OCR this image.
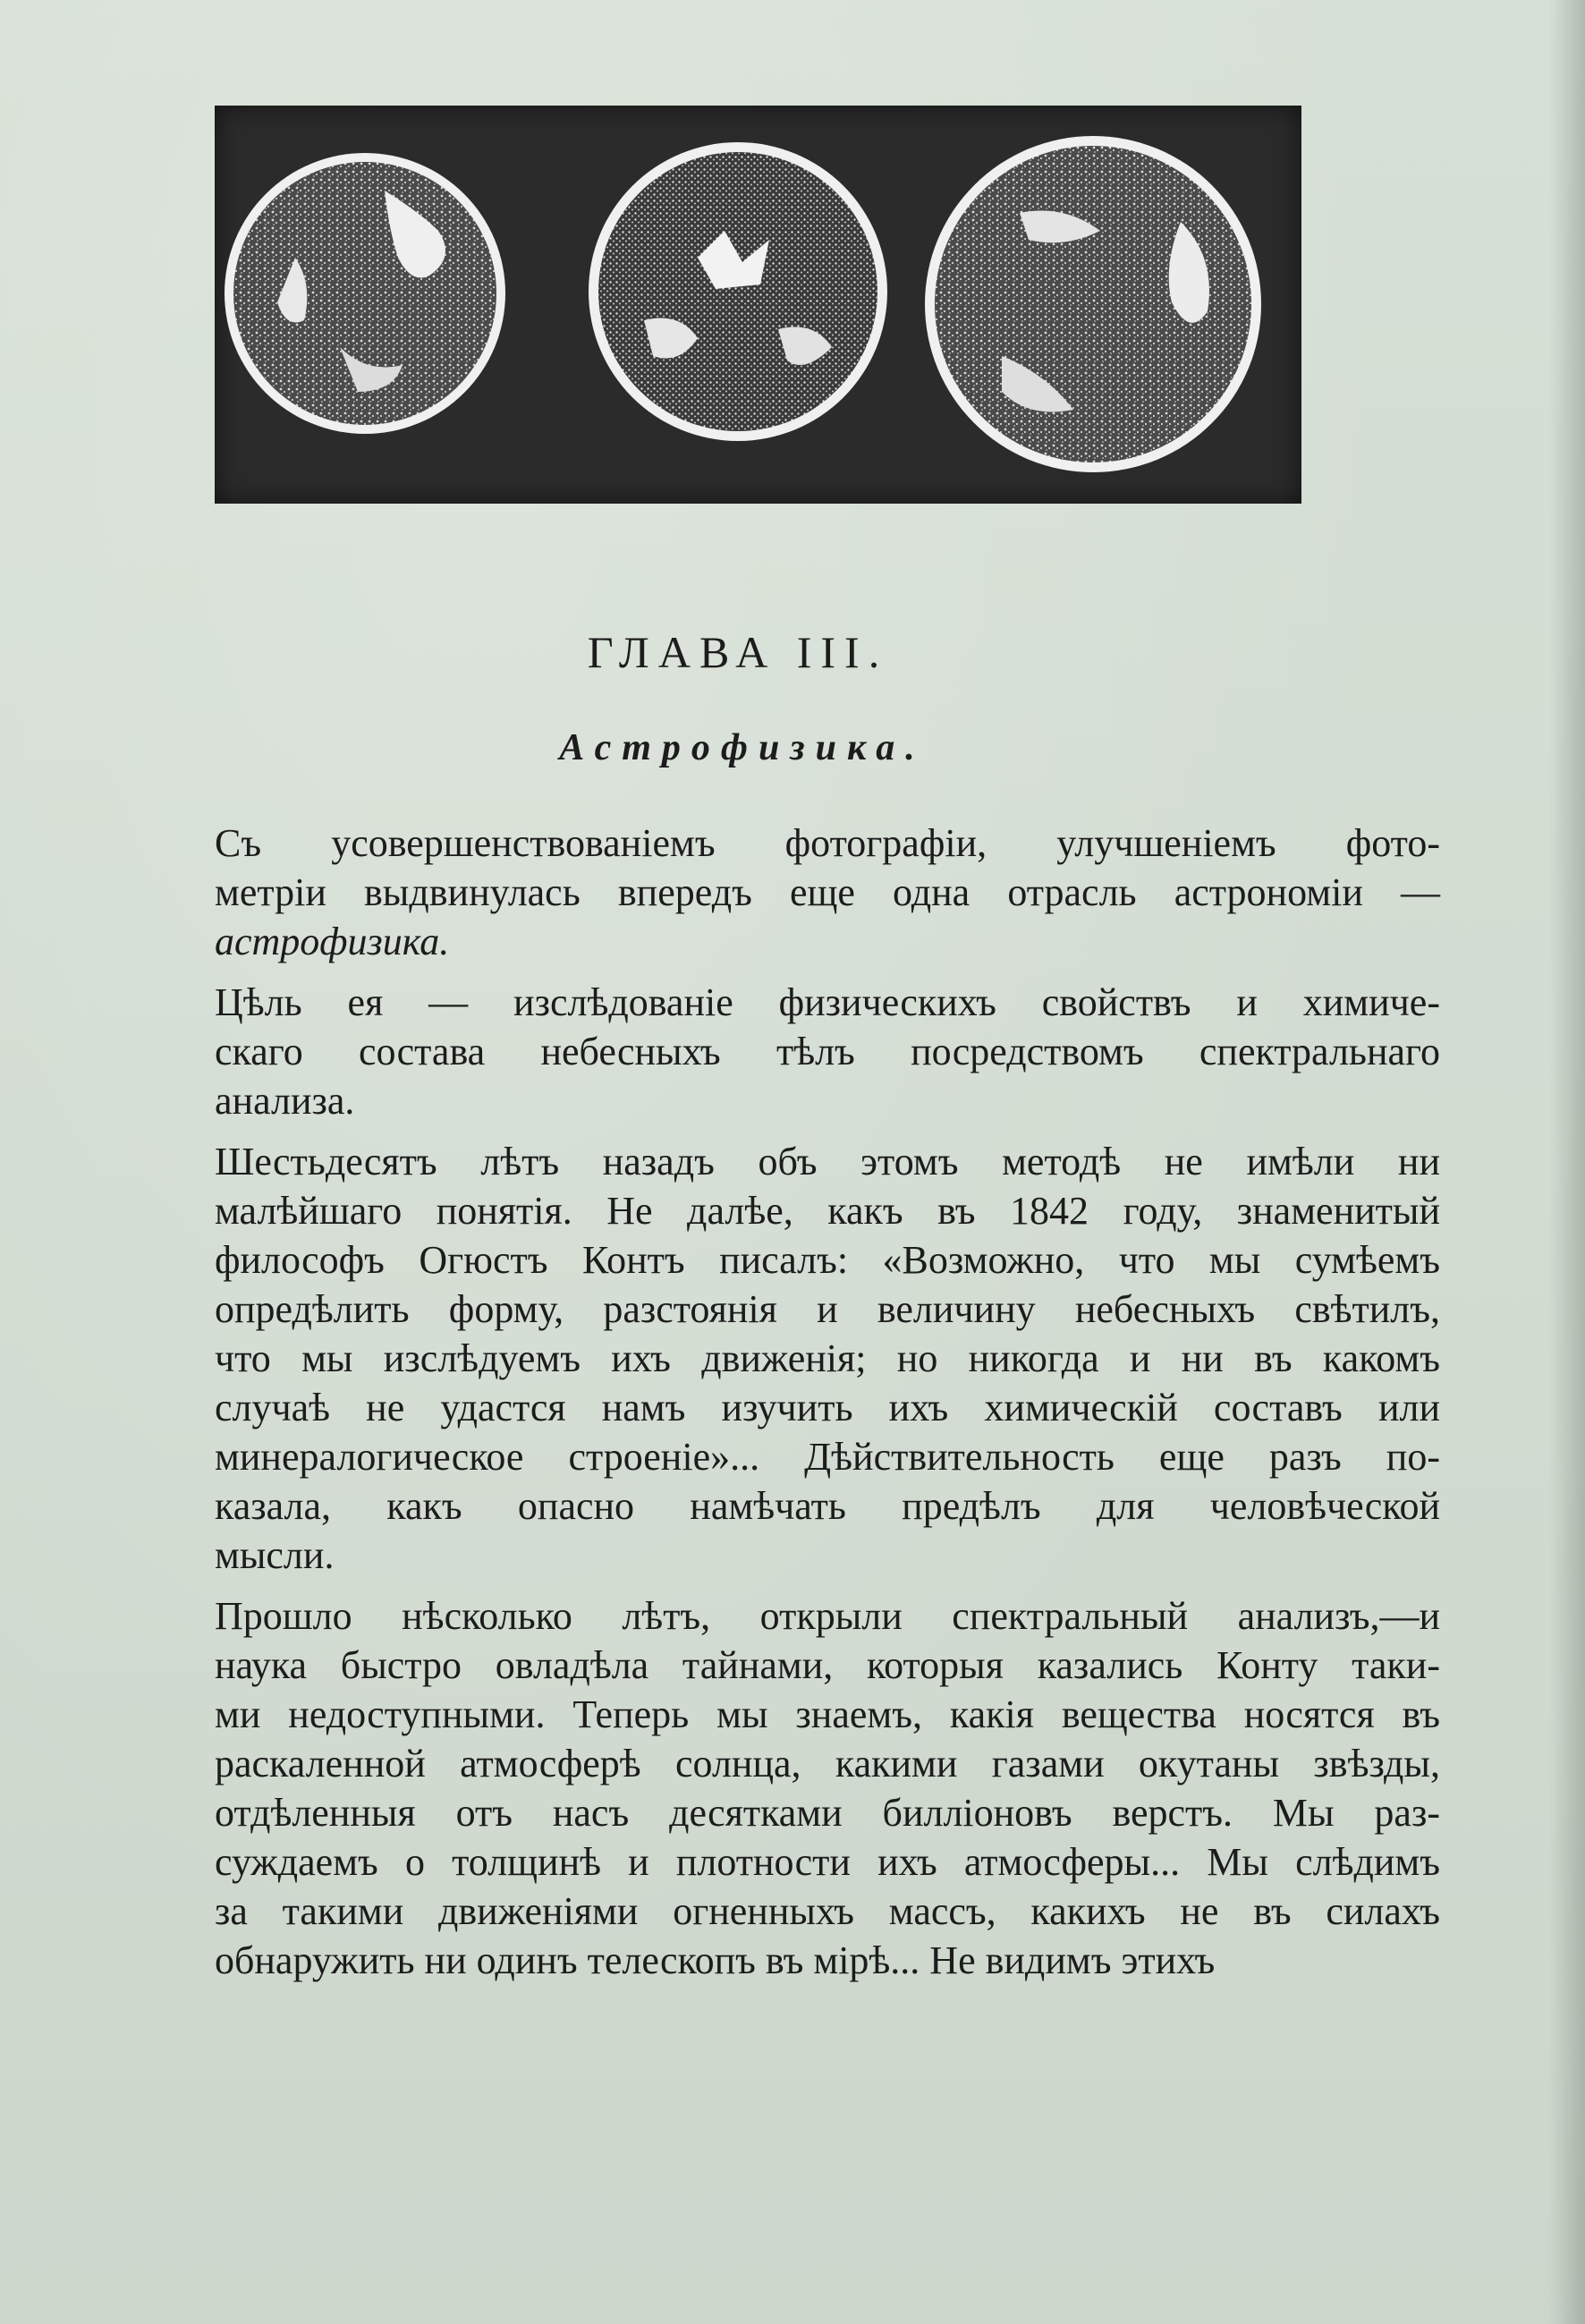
ГЛАВА III.
Астрофизика.

Съ усовершенствованіемъ фотографіи, улучшеніемъ фото-
метріи выдвинулась впередъ еще одна отрасль астрономіи —
астрофизика.

Цѣль ея — изслѣдованіе физическихъ свойствъ и химиче-
скаго состава небесныхъ тѣлъ посредствомъ спектральнаго
анализа.

Шестьдесятъ лѣтъ назадъ объ этомъ методѣ не имѣли ни
малѣйшаго понятія. Не далѣе, какъ въ 1842 году, знаменитый
философъ Огюстъ Контъ писалъ: «Возможно, что мы сумѣемъ
опредѣлить форму, разстоянія и величину небесныхъ свѣтилъ,
что мы изслѣдуемъ ихъ движенія; но никогда и ни въ какомъ
случаѣ не удастся намъ изучить ихъ химическій составъ или
минералогическое строеніе»... Дѣйствительность еще разъ по-
казала, какъ опасно намѣчать предѣлъ для человѣческой
мысли.

Прошло нѣсколько лѣтъ, открыли спектральный анализъ,—и
наука быстро овладѣла тайнами, которыя казались Конту таки-
ми недоступными. Теперь мы знаемъ, какія вещества носятся въ
раскаленной атмосферѣ солнца, какими газами окутаны звѣзды,
отдѣленныя отъ насъ десятками билліоновъ верстъ. Мы раз-
суждаемъ о толщинѣ и плотности ихъ атмосферы... Мы слѣдимъ
за такими движеніями огненныхъ массъ, какихъ не въ силахъ
обнаружить ни одинъ телескопъ въ мірѣ... Не видимъ этихъ
